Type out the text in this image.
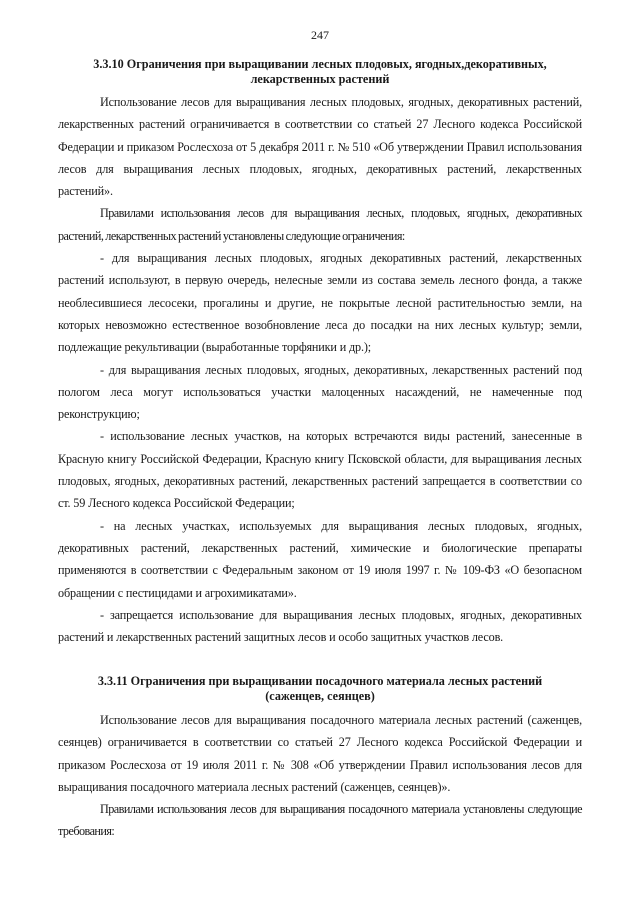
247

3.3.10 Ограничения при выращивании лесных плодовых, ягодных,декоративных,

лекарственных растений

Использование лесов для выращивания лесных плодовых, ягодных, декоративных растений, лекарственных растений ограничивается в соответствии со статьей 27 Лесного кодекса Российской Федерации и приказом Рослесхоза от 5 декабря 2011 г. № 510 «Об утверждении Правил использования лесов для выращивания лесных плодовых, ягодных, декоративных растений, лекарственных растений».

Правилами использования лесов для выращивания лесных, плодовых, ягодных, декоративных растений, лекарственных растений установлены следующие ограничения:

- для выращивания лесных плодовых, ягодных декоративных растений, лекарственных растений используют, в первую очередь, нелесные земли из состава земель лесного фонда, а также необлесившиеся лесосеки, прогалины и другие, не покрытые лесной растительностью земли, на которых невозможно естественное возобновление леса до посадки на них лесных культур; земли, подлежащие рекультивации (выработанные торфяники и др.);

- для выращивания лесных плодовых, ягодных, декоративных, лекарственных растений под пологом леса могут использоваться участки малоценных насаждений, не намеченные под реконструкцию;

- использование лесных участков, на которых встречаются виды растений, занесенные в Красную книгу Российской Федерации, Красную книгу Псковской области, для выращивания лесных плодовых, ягодных, декоративных растений, лекарственных растений запрещается в соответствии со ст. 59 Лесного кодекса Российской Федерации;

- на лесных участках, используемых для выращивания лесных плодовых, ягодных, декоративных растений, лекарственных растений, химические и биологические препараты применяются в соответствии с Федеральным законом от 19 июля 1997 г. № 109-ФЗ «О безопасном обращении с пестицидами и агрохимикатами».

- запрещается использование для выращивания лесных плодовых, ягодных, декоративных растений и лекарственных растений защитных лесов и особо защитных участков лесов.

3.3.11 Ограничения при выращивании посадочного материала лесных растений

(саженцев, сеянцев)

Использование лесов для выращивания посадочного материала лесных растений (саженцев, сеянцев) ограничивается в соответствии со статьей 27 Лесного кодекса Российской Федерации и приказом Рослесхоза от 19 июля 2011 г. № 308 «Об утверждении Правил использования лесов для выращивания посадочного материала лесных растений (саженцев, сеянцев)».

Правилами использования лесов для выращивания посадочного материала установлены следующие требования:
